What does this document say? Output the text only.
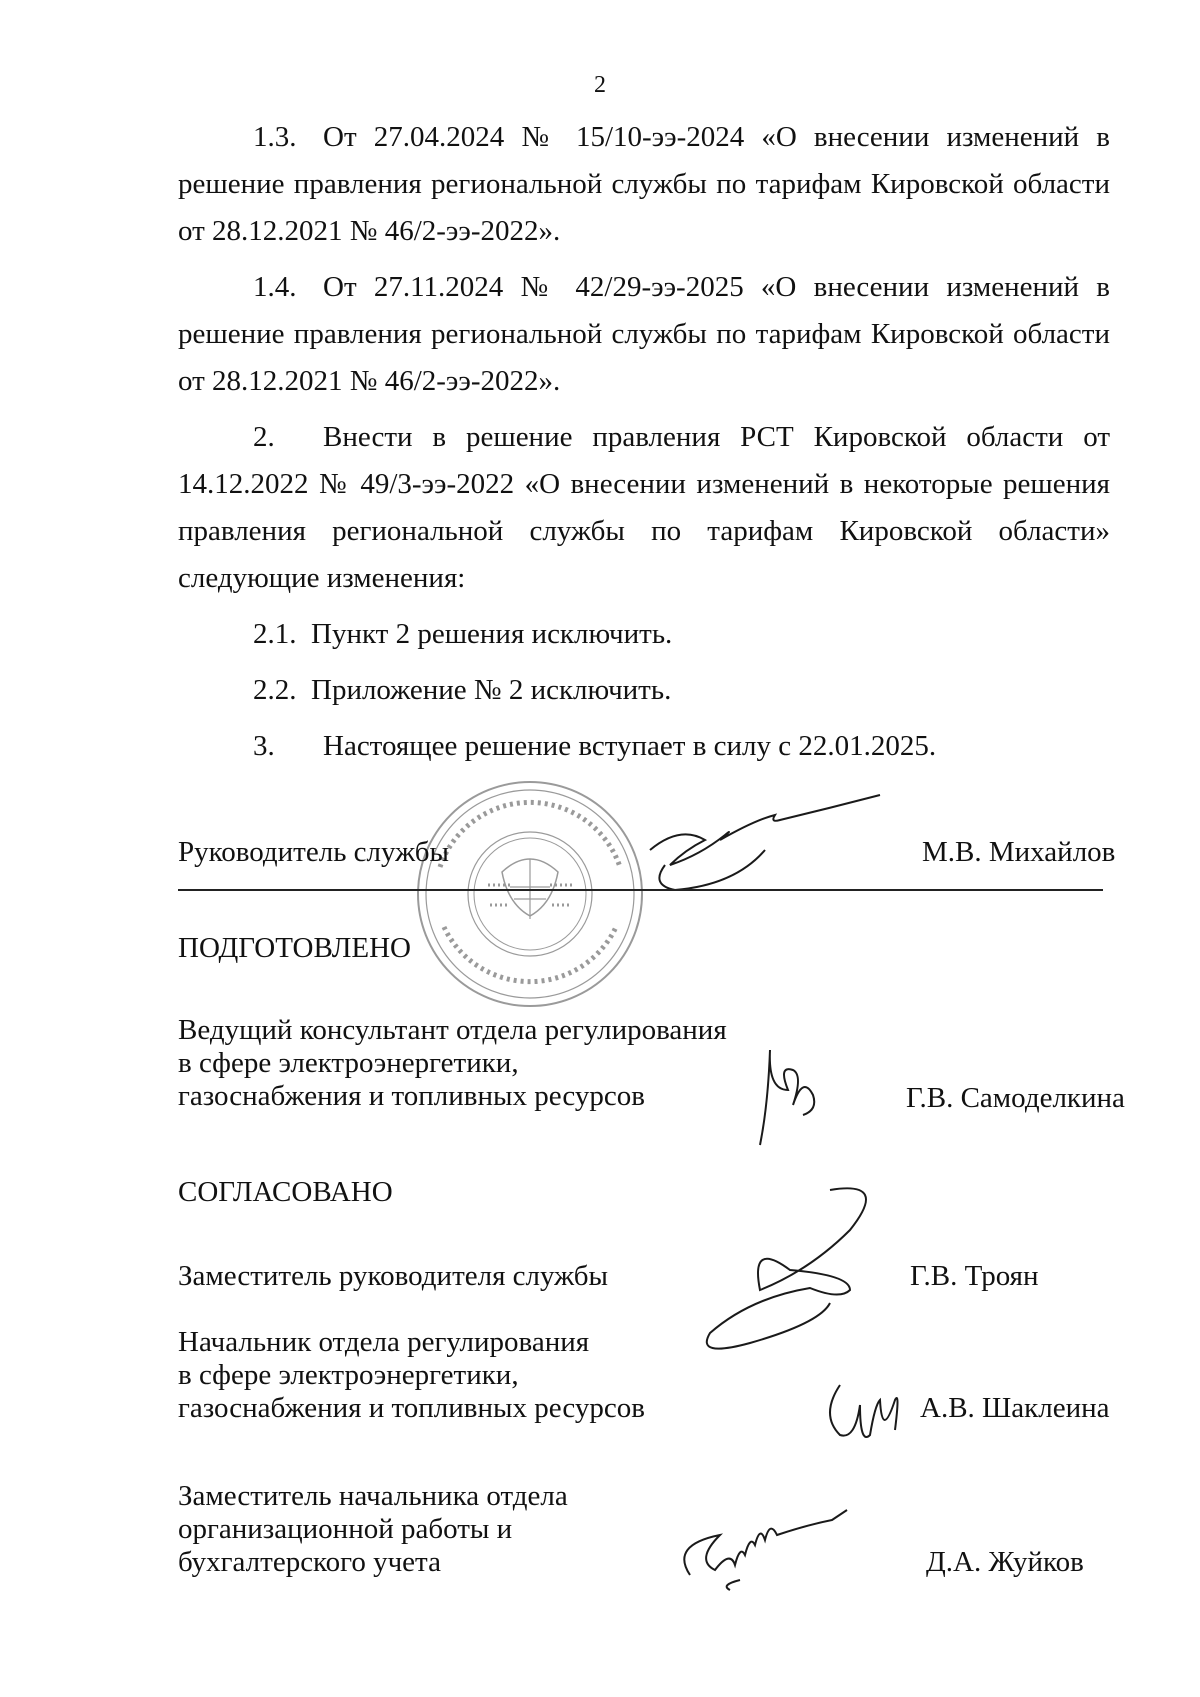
2

1.3. От 27.04.2024 № 15/10-ээ-2024 «О внесении изменений в решение правления региональной службы по тарифам Кировской области от 28.12.2021 № 46/2-ээ-2022».

1.4. От 27.11.2024 № 42/29-ээ-2025 «О внесении изменений в решение правления региональной службы по тарифам Кировской области от 28.12.2021 № 46/2-ээ-2022».

2. Внести в решение правления РСТ Кировской области от 14.12.2022 № 49/3-ээ-2022 «О внесении изменений в некоторые решения правления региональной службы по тарифам Кировской области» следующие изменения:

2.1. Пункт 2 решения исключить.

2.2. Приложение № 2 исключить.

3. Настоящее решение вступает в силу с 22.01.2025.

Руководитель службы	М.В. Михайлов
ПОДГОТОВЛЕНО
Ведущий консультант отдела регулирования
в сфере электроэнергетики,
газоснабжения и топливных ресурсов	Г.В. Самоделкина
СОГЛАСОВАНО
Заместитель руководителя службы	Г.В. Троян
Начальник отдела регулирования
в сфере электроэнергетики,
газоснабжения и топливных ресурсов	А.В. Шаклеина
Заместитель начальника отдела
организационной работы и
бухгалтерского учета	Д.А. Жуйков
